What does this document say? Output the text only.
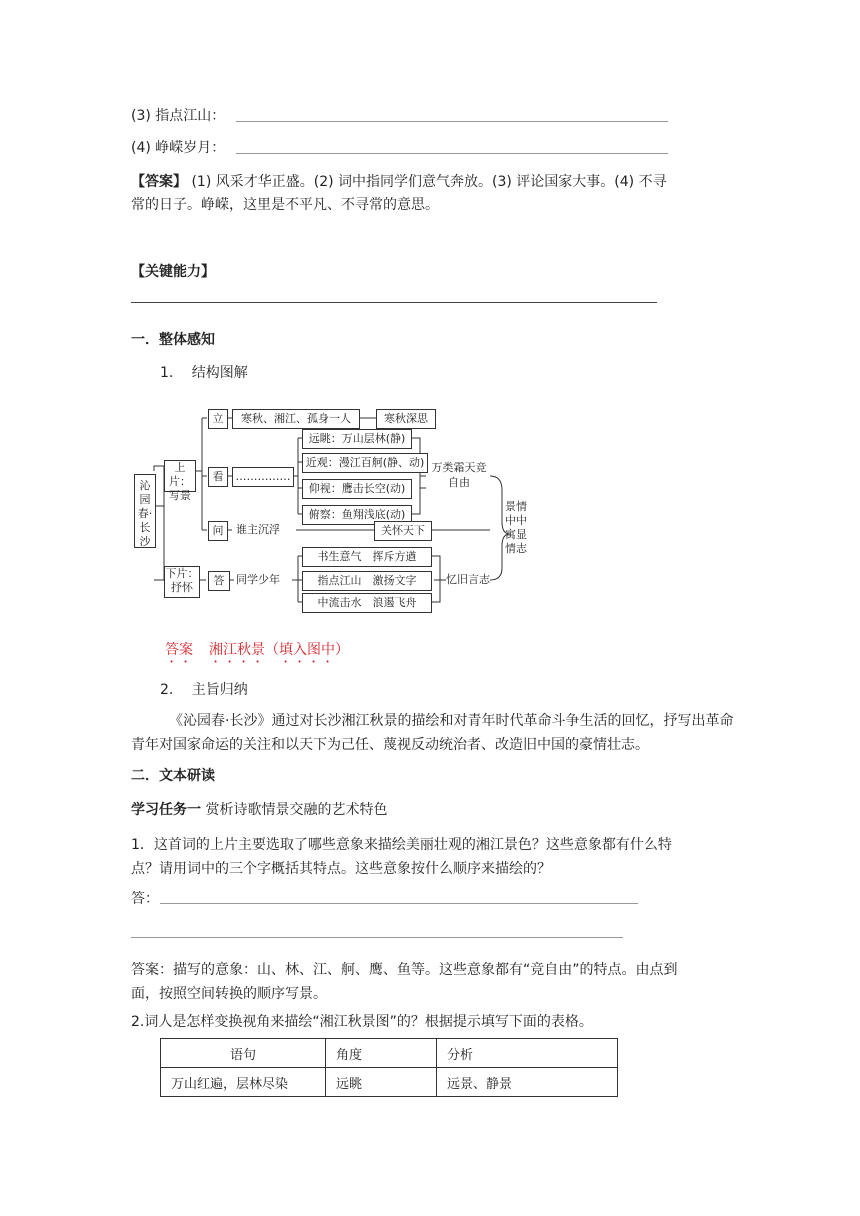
(3) 指点江山：
(4) 峥嵘岁月：
【答案】 (1) 风采才华正盛。(2) 词中指同学们意气奔放。(3) 评论国家大事。(4) 不寻
常的日子。峥嵘，这里是不平凡、不寻常的意思。
【关键能力】
一．整体感知
1.　 结构图解
沁园春·长沙
上片：写景
下片：抒怀
立	寒秋、湘江、孤身一人	寒秋深思
看	……………
远眺：万山层林(静)
近观：漫江百舸(静、动)
仰视：鹰击长空(动)
俯察：鱼翔浅底(动)
万类霜天竞自由
问	谁主沉浮	关怀天下
答	同学少年
书生意气　挥斥方遒
指点江山　激扬文字
中流击水　浪遏飞舟
忆旧言志
景情中中寓显情志
答案 湘江秋景（填入图中）
2.　 主旨归纳
《沁园春·长沙》通过对长沙湘江秋景的描绘和对青年时代革命斗争生活的回忆，抒写出革命青年对国家命运的关注和以天下为己任、蔑视反动统治者、改造旧中国的豪情壮志。
二．文本研读
学习任务一 赏析诗歌情景交融的艺术特色
1．这首词的上片主要选取了哪些意象来描绘美丽壮观的湘江景色？这些意象都有什么特
点？请用词中的三个字概括其特点。这些意象按什么顺序来描绘的？
答：
答案：描写的意象：山、林、江、舸、鹰、鱼等。这些意象都有“竞自由”的特点。由点到
面，按照空间转换的顺序写景。
2.词人是怎样变换视角来描绘“湘江秋景图”的？根据提示填写下面的表格。
语句	角度	分析
万山红遍，层林尽染	远眺	远景、静景
